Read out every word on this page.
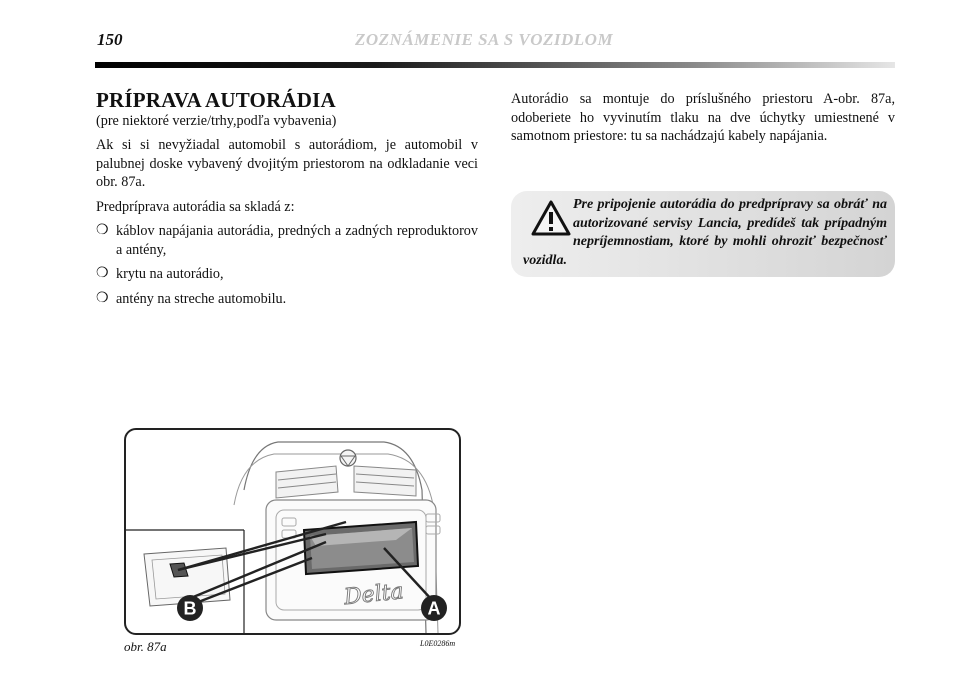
150	ZOZNÁMENIE SA S VOZIDLOM
PRÍPRAVA AUTORÁDIA

(pre niektoré verzie/trhy,podľa vybavenia)

Ak si si nevyžiadal automobil s autorádiom, je automobil v palubnej doske vybavený dvojitým priestorom na odkladanie veci obr. 87a.

Predpríprava autorádia sa skladá z:

❍ káblov napájania autorádia, predných a zadných reproduktorov a antény,
❍ krytu na autorádio,
❍ antény na streche automobilu.

Autorádio sa montuje do príslušného priestoru A-obr. 87a, odoberiete ho vyvinutím tlaku na dve úchytky umiestnené v samotnom priestore: tu sa nachádzajú kabely napájania.

Pre pripojenie autorádia do predprípravy sa obráť na autorizované servisy Lancia, predídeš tak prípadným nepríjemnostiam, ktoré by mohli ohroziť bezpečnosť vozidla.
Delta A
B
obr. 87a	L0E0286m
